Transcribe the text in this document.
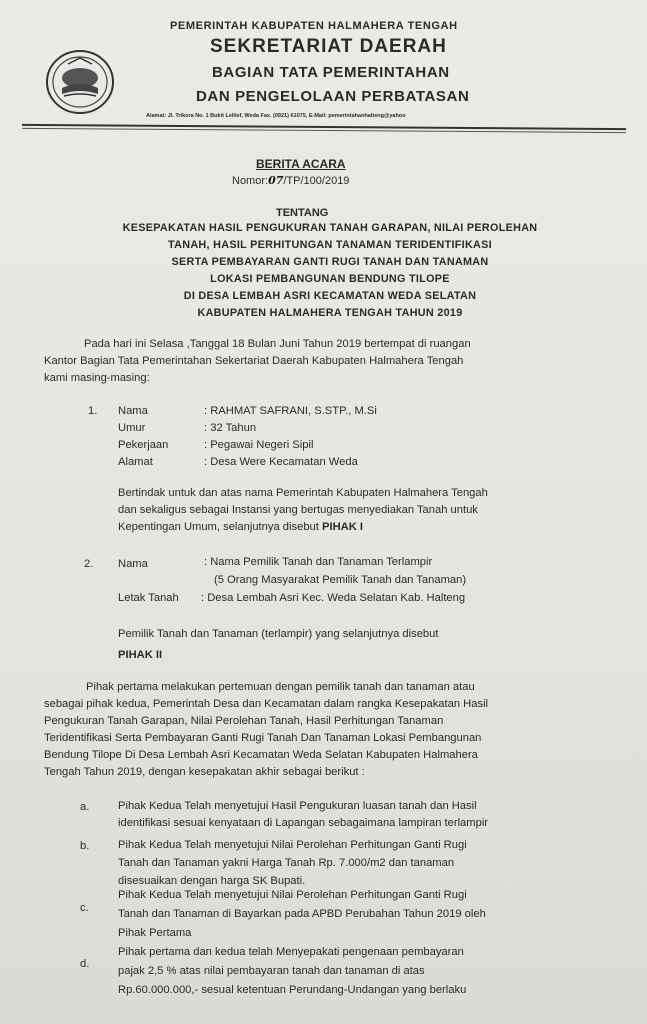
PEMERINTAH KABUPATEN HALMAHERA TENGAH
SEKRETARIAT DAERAH
BAGIAN TATA PEMERINTAHAN
DAN PENGELOLAAN PERBATASAN
Alamat: Jl. Trikora No. 1 Bukit Lelilef, Weda Fax. (0921) 61075, E-Mail: pemerintahanhalteng@yahoo
BERITA ACARA
Nomor:07/TP/100/2019
TENTANG
KESEPAKATAN HASIL PENGUKURAN TANAH GARAPAN, NILAI PEROLEHAN
TANAH, HASIL PERHITUNGAN TANAMAN TERIDENTIFIKASI
SERTA PEMBAYARAN GANTI RUGI TANAH DAN TANAMAN
LOKASI PEMBANGUNAN BENDUNG TILOPE
DI DESA LEMBAH ASRI KECAMATAN WEDA SELATAN
KABUPATEN HALMAHERA TENGAH TAHUN 2019
Pada hari ini Selasa ,Tanggal 18 Bulan Juni Tahun 2019 bertempat di ruangan
Kantor Bagian Tata Pemerintahan Sekertariat Daerah Kabupaten Halmahera Tengah
kami masing-masing:
1. Nama	: RAHMAT SAFRANI, S.STP., M.Si
Umur	: 32 Tahun
Pekerjaan	: Pegawai Negeri Sipil
Alamat	: Desa Were Kecamatan Weda
Bertindak untuk dan atas nama Pemerintah Kabupaten Halmahera Tengah
dan sekaligus sebagai Instansi yang bertugas menyediakan Tanah untuk
Kepentingan Umum, selanjutnya disebut PIHAK I
2. Nama	: Nama Pemilik Tanah dan Tanaman Terlampir
(5 Orang Masyarakat Pemilik Tanah dan Tanaman)
Letak Tanah : Desa Lembah Asri Kec. Weda Selatan Kab. Halteng
Pemilik Tanah dan Tanaman (terlampir) yang selanjutnya disebut
PIHAK II
Pihak pertama melakukan pertemuan dengan pemilik tanah dan tanaman atau
sebagai pihak kedua, Pemerintah Desa dan Kecamatan dalam rangka Kesepakatan Hasil
Pengukuran Tanah Garapan, Nilai Perolehan Tanah, Hasil Perhitungan Tanaman
Teridentifikasi Serta Pembayaran Ganti Rugi Tanah Dan Tanaman Lokasi Pembangunan
Bendung Tilope Di Desa Lembah Asri Kecamatan Weda Selatan Kabupaten Halmahera
Tengah Tahun 2019, dengan kesepakatan akhir sebagai berikut :
a.	Pihak Kedua Telah menyetujui Hasil Pengukuran luasan tanah dan Hasil
identifikasi sesuai kenyataan di Lapangan sebagaimana lampiran terlampir
b.	Pihak Kedua Telah menyetujui Nilai Perolehan Perhitungan Ganti Rugi
Tanah dan Tanaman yakni Harga Tanah Rp. 7.000/m2 dan tanaman
disesuaikan dengan harga SK Bupati.
c.
Pihak Kedua Telah menyetujui Nilai Perolehan Perhitungan Ganti Rugi
Tanah dan Tanaman di Bayarkan pada APBD Perubahan Tahun 2019 oleh
Pihak Pertama
d.
Pihak pertama dan kedua telah Menyepakati pengenaan pembayaran
pajak 2,5 % atas nilai pembayaran tanah dan tanaman di atas
Rp.60.000.000,- sesual ketentuan Perundang-Undangan yang berlaku
